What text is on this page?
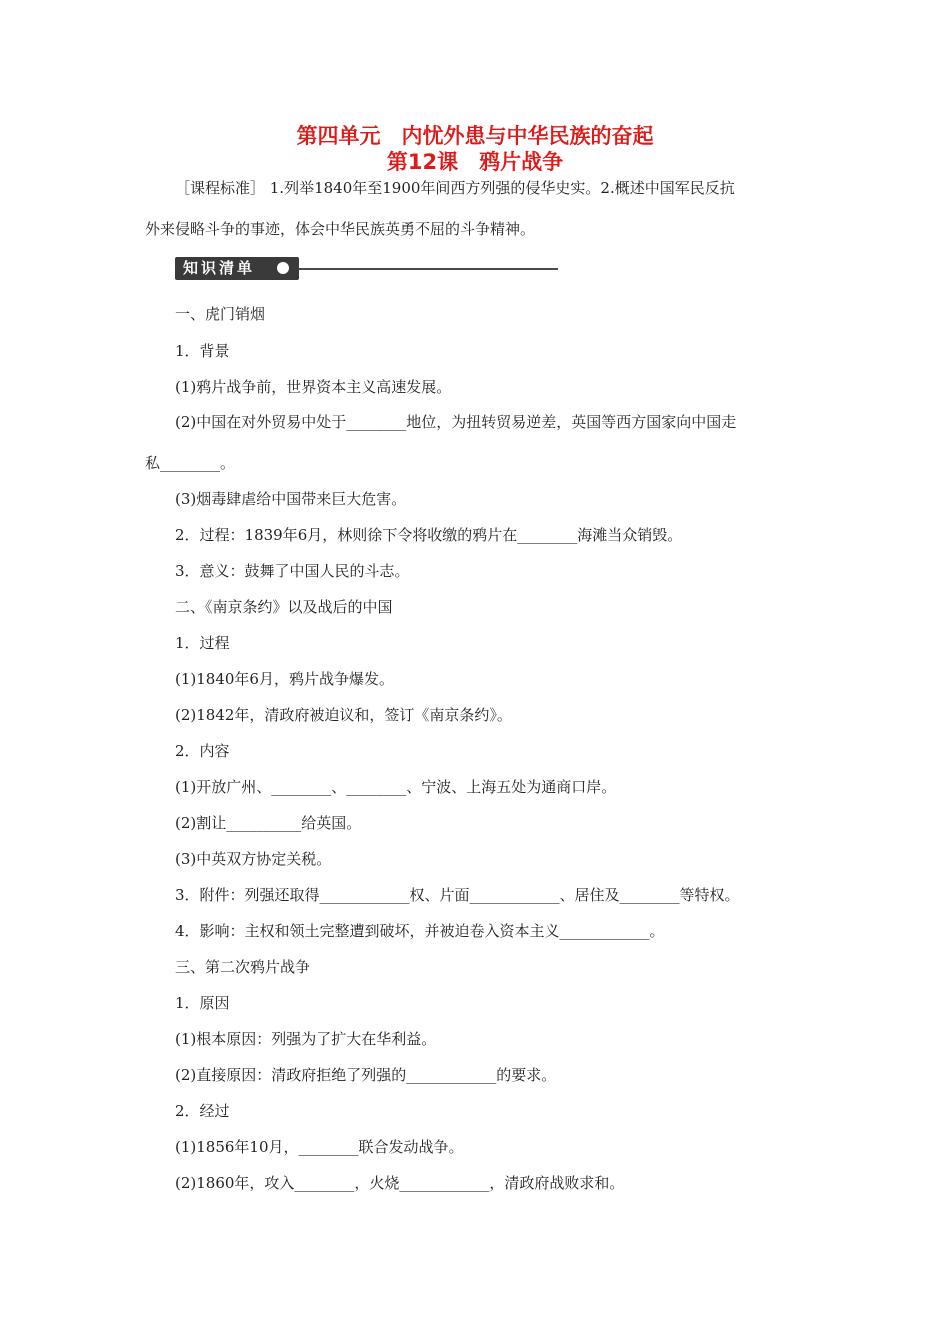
第四单元　内忧外患与中华民族的奋起
第12课　鸦片战争
［课程标准］ 1.列举1840年至1900年间西方列强的侵华史实。2.概述中国军民反抗
外来侵略斗争的事迹，体会中华民族英勇不屈的斗争精神。
知识清单
一、虎门销烟
1．背景
(1)鸦片战争前，世界资本主义高速发展。
(2)中国在对外贸易中处于________地位，为扭转贸易逆差，英国等西方国家向中国走
私________。
(3)烟毒肆虐给中国带来巨大危害。
2．过程：1839年6月，林则徐下令将收缴的鸦片在________海滩当众销毁。
3．意义：鼓舞了中国人民的斗志。
二、《南京条约》以及战后的中国
1．过程
(1)1840年6月，鸦片战争爆发。
(2)1842年，清政府被迫议和，签订《南京条约》。
2．内容
(1)开放广州、________、________、宁波、上海五处为通商口岸。
(2)割让__________给英国。
(3)中英双方协定关税。
3．附件：列强还取得____________权、片面____________、居住及________等特权。
4．影响：主权和领土完整遭到破坏，并被迫卷入资本主义____________。
三、第二次鸦片战争
1．原因
(1)根本原因：列强为了扩大在华利益。
(2)直接原因：清政府拒绝了列强的____________的要求。
2．经过
(1)1856年10月，________联合发动战争。
(2)1860年，攻入________，火烧____________，清政府战败求和。
